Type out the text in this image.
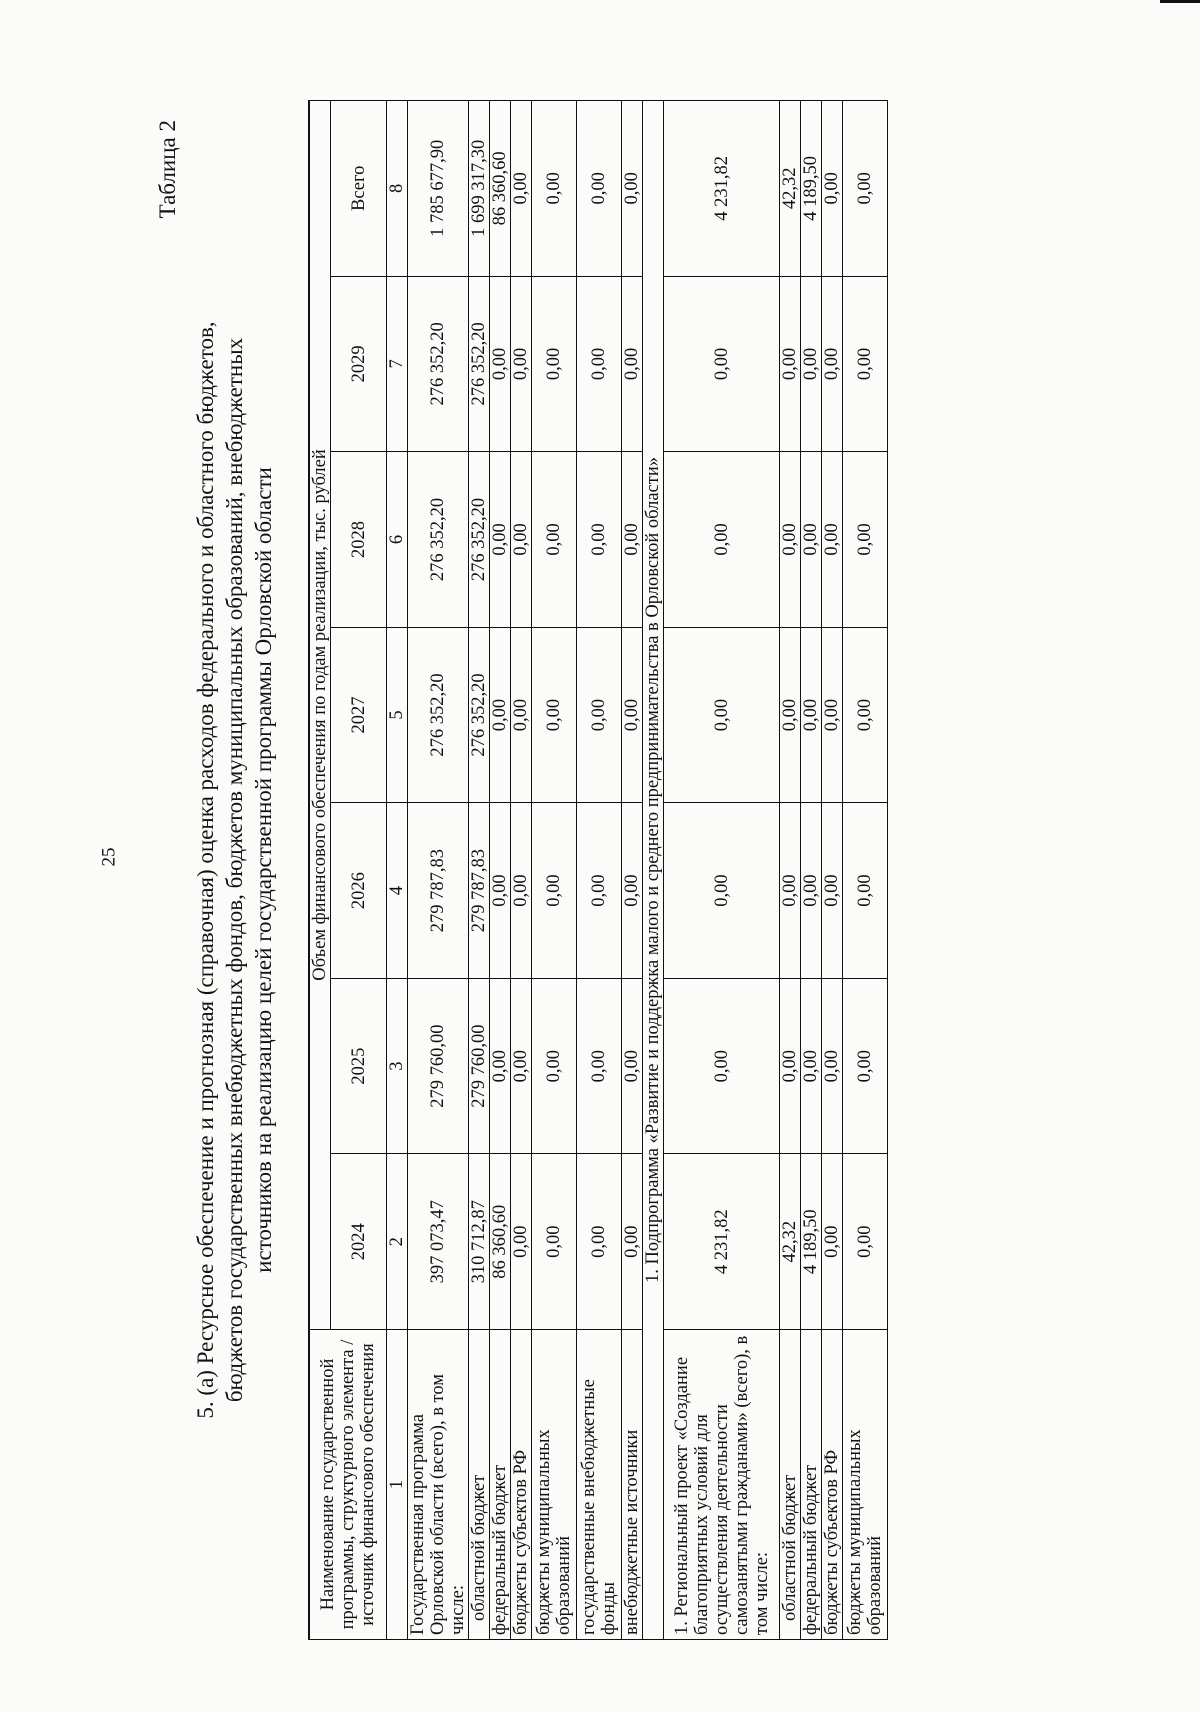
25
Таблица 2
5. (а) Ресурсное обеспечение и прогнозная (справочная) оценка расходов федерального и областного бюджетов, бюджетов государственных внебюджетных фондов, бюджетов муниципальных образований, внебюджетных источников на реализацию целей государственной программы Орловской области
Наименование государственной программы, структурного элемента / источник финансового обеспечения	Объем финансового обеспечения по годам реализации, тыс. рублей						
	2024	2025	2026	2027	2028	2029	Всего
1	2	3	4	5	6	7	8
Государственная программа Орловской области (всего), в том числе:	397 073,47	279 760,00	279 787,83	276 352,20	276 352,20	276 352,20	1 785 677,90
областной бюджет	310 712,87	279 760,00	279 787,83	276 352,20	276 352,20	276 352,20	1 699 317,30
федеральный бюджет	86 360,60	0,00	0,00	0,00	0,00	0,00	86 360,60
бюджеты субъектов РФ	0,00	0,00	0,00	0,00	0,00	0,00	0,00
бюджеты муниципальных образований	0,00	0,00	0,00	0,00	0,00	0,00	0,00
государственные внебюджетные фонды	0,00	0,00	0,00	0,00	0,00	0,00	0,00
внебюджетные источники	0,00	0,00	0,00	0,00	0,00	0,00	0,00
1. Подпрограмма «Развитие и поддержка малого и среднего предпринимательства в Орловской области»							
1. Региональный проект «Создание благоприятных условий для осуществления деятельности самозанятыми гражданами» (всего), в том числе:	4 231,82	0,00	0,00	0,00	0,00	0,00	4 231,82
областной бюджет	42,32	0,00	0,00	0,00	0,00	0,00	42,32
федеральный бюджет	4 189,50	0,00	0,00	0,00	0,00	0,00	4 189,50
бюджеты субъектов РФ	0,00	0,00	0,00	0,00	0,00	0,00	0,00
бюджеты муниципальных образований	0,00	0,00	0,00	0,00	0,00	0,00	0,00
